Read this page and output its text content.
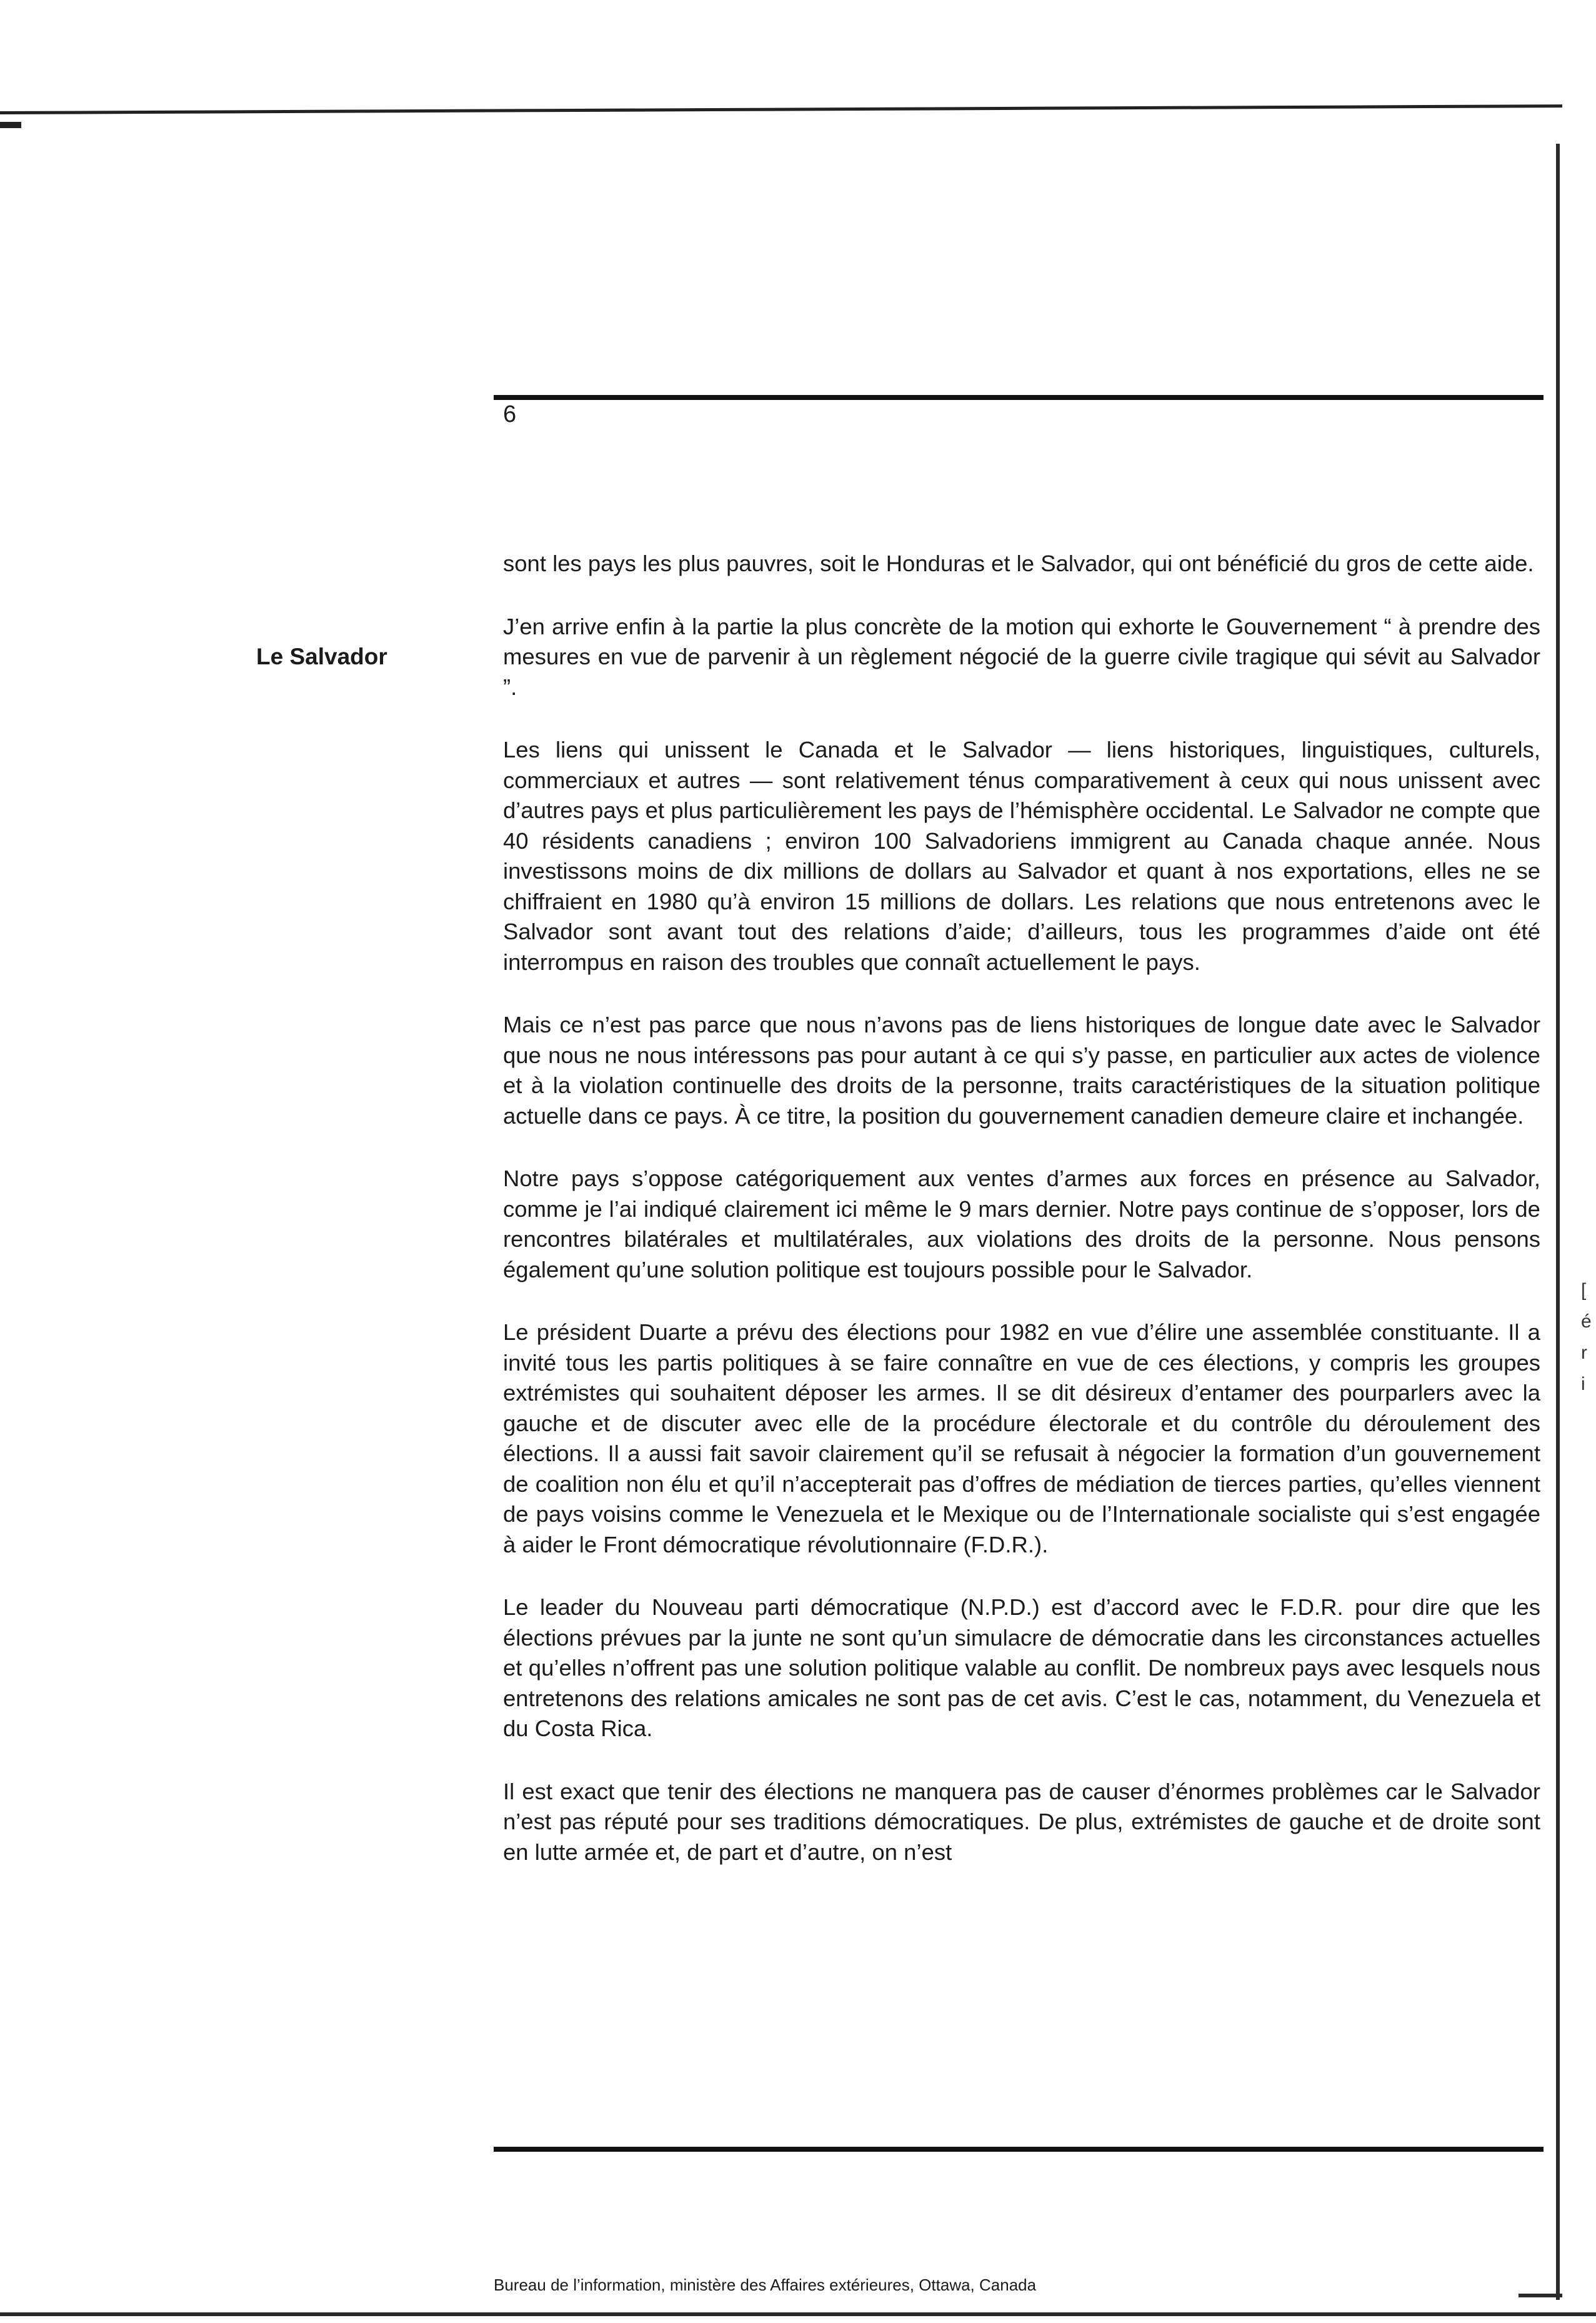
[
é
r
i
6
Le Salvador

sont les pays les plus pauvres, soit le Honduras et le Salvador, qui ont bénéficié du gros de cette aide.

J’en arrive enfin à la partie la plus concrète de la motion qui exhorte le Gouvernement “ à prendre des mesures en vue de parvenir à un règlement négocié de la guerre civile tragique qui sévit au Salvador ”.

Les liens qui unissent le Canada et le Salvador — liens historiques, linguistiques, culturels, commerciaux et autres — sont relativement ténus comparativement à ceux qui nous unissent avec d’autres pays et plus particulièrement les pays de l’hémisphère occidental. Le Salvador ne compte que 40 résidents canadiens ; environ 100 Salvadoriens immigrent au Canada chaque année. Nous investissons moins de dix millions de dollars au Salvador et quant à nos exportations, elles ne se chiffraient en 1980 qu’à environ 15 millions de dollars. Les relations que nous entretenons avec le Salvador sont avant tout des relations d’aide; d’ailleurs, tous les programmes d’aide ont été interrompus en raison des troubles que connaît actuellement le pays.

Mais ce n’est pas parce que nous n’avons pas de liens historiques de longue date avec le Salvador que nous ne nous intéressons pas pour autant à ce qui s’y passe, en particulier aux actes de violence et à la violation continuelle des droits de la personne, traits caractéristiques de la situation politique actuelle dans ce pays. À ce titre, la position du gouvernement canadien demeure claire et inchangée.

Notre pays s’oppose catégoriquement aux ventes d’armes aux forces en présence au Salvador, comme je l’ai indiqué clairement ici même le 9 mars dernier. Notre pays continue de s’opposer, lors de rencontres bilatérales et multilatérales, aux violations des droits de la personne. Nous pensons également qu’une solution politique est toujours possible pour le Salvador.

Le président Duarte a prévu des élections pour 1982 en vue d’élire une assemblée constituante. Il a invité tous les partis politiques à se faire connaître en vue de ces élections, y compris les groupes extrémistes qui souhaitent déposer les armes. Il se dit désireux d’entamer des pourparlers avec la gauche et de discuter avec elle de la procédure électorale et du contrôle du déroulement des élections. Il a aussi fait savoir clairement qu’il se refusait à négocier la formation d’un gouvernement de coalition non élu et qu’il n’accepterait pas d’offres de médiation de tierces parties, qu’elles viennent de pays voisins comme le Venezuela et le Mexique ou de l’Internationale socialiste qui s’est engagée à aider le Front démocratique révolutionnaire (F.D.R.).

Le leader du Nouveau parti démocratique (N.P.D.) est d’accord avec le F.D.R. pour dire que les élections prévues par la junte ne sont qu’un simulacre de démocratie dans les circonstances actuelles et qu’elles n’offrent pas une solution politique valable au conflit. De nombreux pays avec lesquels nous entretenons des relations amicales ne sont pas de cet avis. C’est le cas, notamment, du Venezuela et du Costa Rica.

Il est exact que tenir des élections ne manquera pas de causer d’énormes problèmes car le Salvador n’est pas réputé pour ses traditions démocratiques. De plus, extrémistes de gauche et de droite sont en lutte armée et, de part et d’autre, on n’est

Bureau de l’information, ministère des Affaires extérieures, Ottawa, Canada
